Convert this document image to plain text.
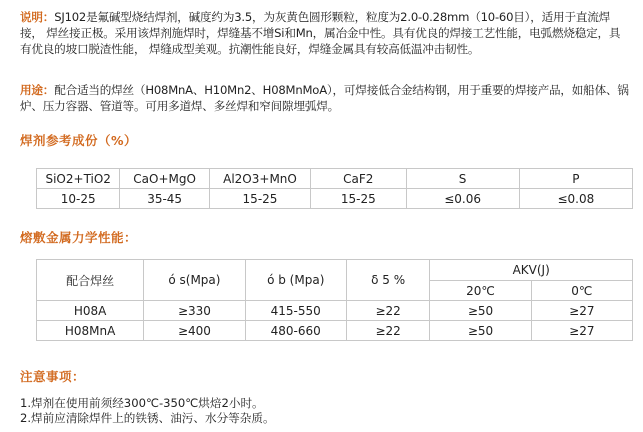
说明：SJ102是氟碱型烧结焊剂，碱度约为3.5，为灰黄色圆形颗粒，粒度为2.0-0.28mm（10-60目），适用于直流焊接， 焊丝接正极。采用该焊剂施焊时，焊缝基不增Si和Mn，属冶金中性。具有优良的焊接工艺性能，电弧燃烧稳定，具有优良的坡口脱渣性能， 焊缝成型美观。抗潮性能良好，焊缝金属具有较高低温冲击韧性。
用途：配合适当的焊丝（H08MnA、H10Mn2、H08MnMoA），可焊接低合金结构钢，用于重要的焊接产品，如船体、锅炉、压力容器、管道等。可用多道焊、多丝焊和窄间隙埋弧焊。
焊剂参考成份（%）
SiO2+TiO2	CaO+MgO	Al2O3+MnO	CaF2	S	P
10-25	35-45	15-25	15-25	≤0.06	≤0.08
熔敷金属力学性能：
配合焊丝	ó s(Mpa)	ó b (Mpa)	δ 5 %	AKV(J)	
				20℃	0℃
H08A	≥330	415-550	≥22	≥50	≥27
H08MnA	≥400	480-660	≥22	≥50	≥27
注意事项：
1.焊剂在使用前须经300℃-350℃烘焙2小时。
2.焊前应清除焊件上的铁锈、油污、水分等杂质。
